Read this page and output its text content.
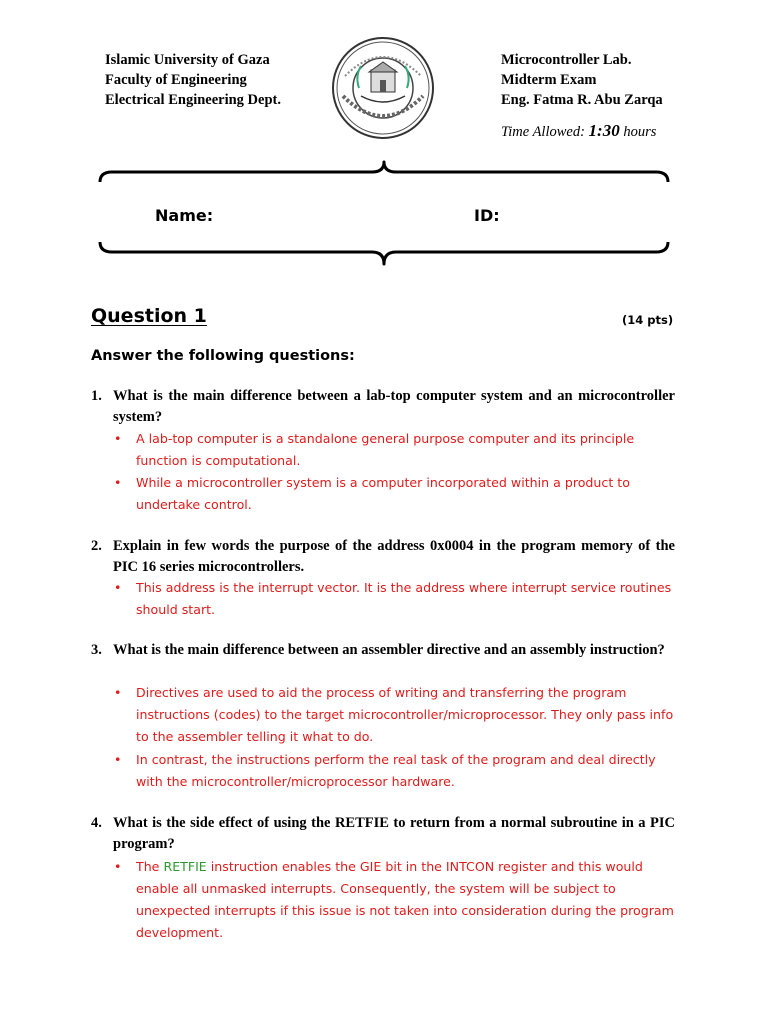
Islamic University of Gaza
Faculty of Engineering
Electrical Engineering Dept.
Microcontroller Lab.
Midterm Exam
Eng. Fatma R. Abu Zarqa
Time Allowed: 1:30 hours
Name:	ID:
Question 1	(14 pts)
Answer the following questions:
1. What is the main difference between a lab-top computer system and an microcontroller system?
• A lab-top computer is a standalone general purpose computer and its principle function is computational.
• While a microcontroller system is a computer incorporated within a product to undertake control.
2. Explain in few words the purpose of the address 0x0004 in the program memory of the PIC 16 series microcontrollers.
• This address is the interrupt vector. It is the address where interrupt service routines should start.
3. What is the main difference between an assembler directive and an assembly instruction?
• Directives are used to aid the process of writing and transferring the program instructions (codes) to the target microcontroller/microprocessor. They only pass info to the assembler telling it what to do.
• In contrast, the instructions perform the real task of the program and deal directly with the microcontroller/microprocessor hardware.
4. What is the side effect of using the RETFIE to return from a normal subroutine in a PIC program?
• The RETFIE instruction enables the GIE bit in the INTCON register and this would enable all unmasked interrupts. Consequently, the system will be subject to unexpected interrupts if this issue is not taken into consideration during the program development.
